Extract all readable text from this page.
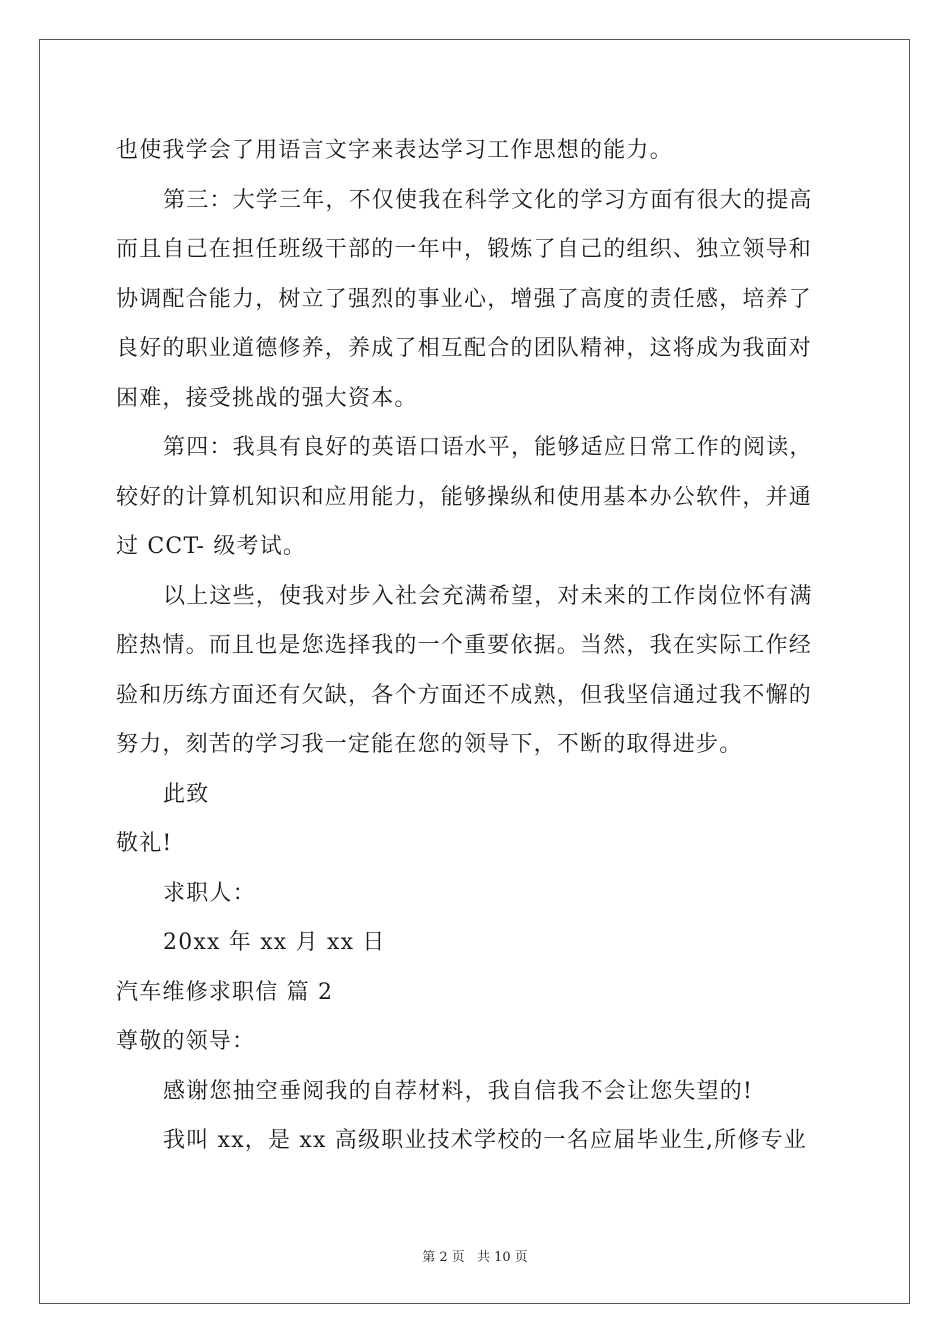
也使我学会了用语言文字来表达学习工作思想的能力。
第三：大学三年，不仅使我在科学文化的学习方面有很大的提高
而且自己在担任班级干部的一年中，锻炼了自己的组织、独立领导和
协调配合能力，树立了强烈的事业心，增强了高度的责任感，培养了
良好的职业道德修养，养成了相互配合的团队精神，这将成为我面对
困难，接受挑战的强大资本。
第四：我具有良好的英语口语水平，能够适应日常工作的阅读，
较好的计算机知识和应用能力，能够操纵和使用基本办公软件，并通
过 CCT- 级考试。
以上这些，使我对步入社会充满希望，对未来的工作岗位怀有满
腔热情。而且也是您选择我的一个重要依据。当然，我在实际工作经
验和历练方面还有欠缺，各个方面还不成熟，但我坚信通过我不懈的
努力，刻苦的学习我一定能在您的领导下，不断的取得进步。
此致
敬礼!
求职人：
20xx 年 xx 月 xx 日
汽车维修求职信 篇 2
尊敬的领导：
感谢您抽空垂阅我的自荐材料，我自信我不会让您失望的!
我叫 xx，是 xx 高级职业技术学校的一名应届毕业生,所修专业
第 2 页 共 10 页
